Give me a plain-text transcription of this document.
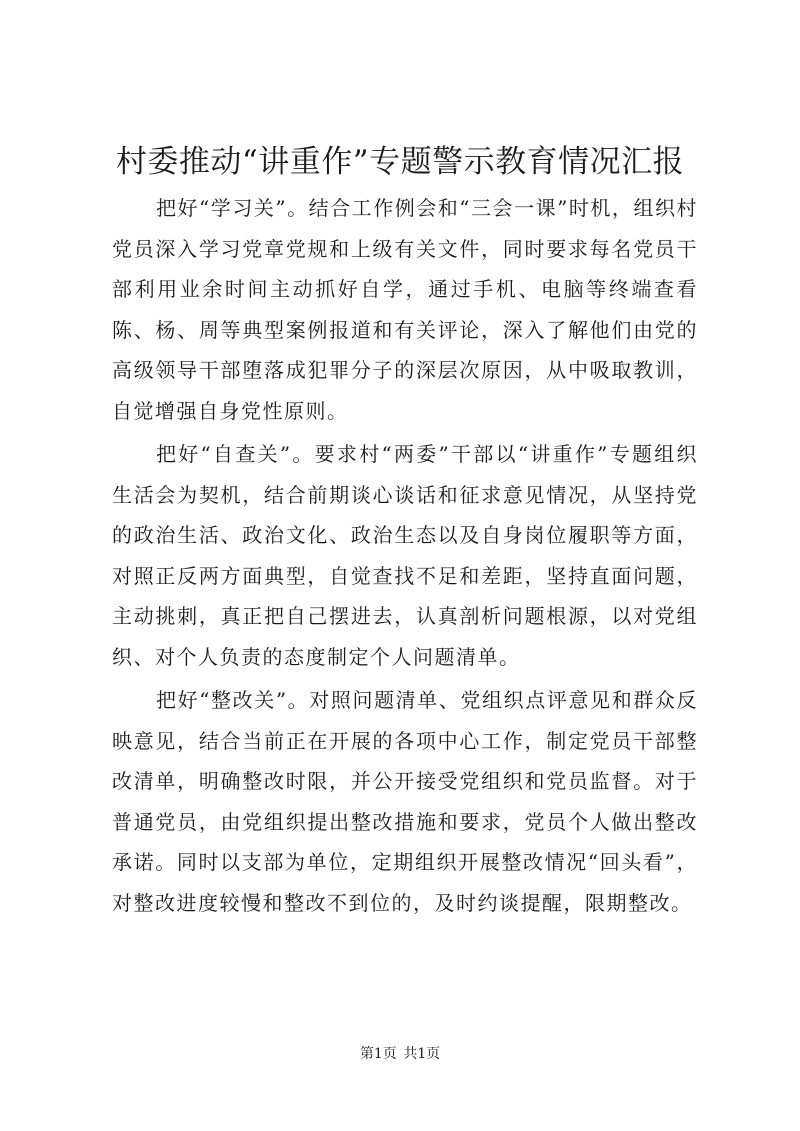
村委推动“讲重作”专题警示教育情况汇报

把好“学习关”。结合工作例会和“三会一课”时机，组织村党员深入学习党章党规和上级有关文件，同时要求每名党员干部利用业余时间主动抓好自学，通过手机、电脑等终端查看陈、杨、周等典型案例报道和有关评论，深入了解他们由党的高级领导干部堕落成犯罪分子的深层次原因，从中吸取教训，自觉增强自身党性原则。

把好“自查关”。要求村“两委”干部以“讲重作”专题组织生活会为契机，结合前期谈心谈话和征求意见情况，从坚持党的政治生活、政治文化、政治生态以及自身岗位履职等方面，对照正反两方面典型，自觉查找不足和差距，坚持直面问题，主动挑刺，真正把自己摆进去，认真剖析问题根源，以对党组织、对个人负责的态度制定个人问题清单。

把好“整改关”。对照问题清单、党组织点评意见和群众反映意见，结合当前正在开展的各项中心工作，制定党员干部整改清单，明确整改时限，并公开接受党组织和党员监督。对于普通党员，由党组织提出整改措施和要求，党员个人做出整改承诺。同时以支部为单位，定期组织开展整改情况“回头看”，对整改进度较慢和整改不到位的，及时约谈提醒，限期整改。

第1页 共1页
